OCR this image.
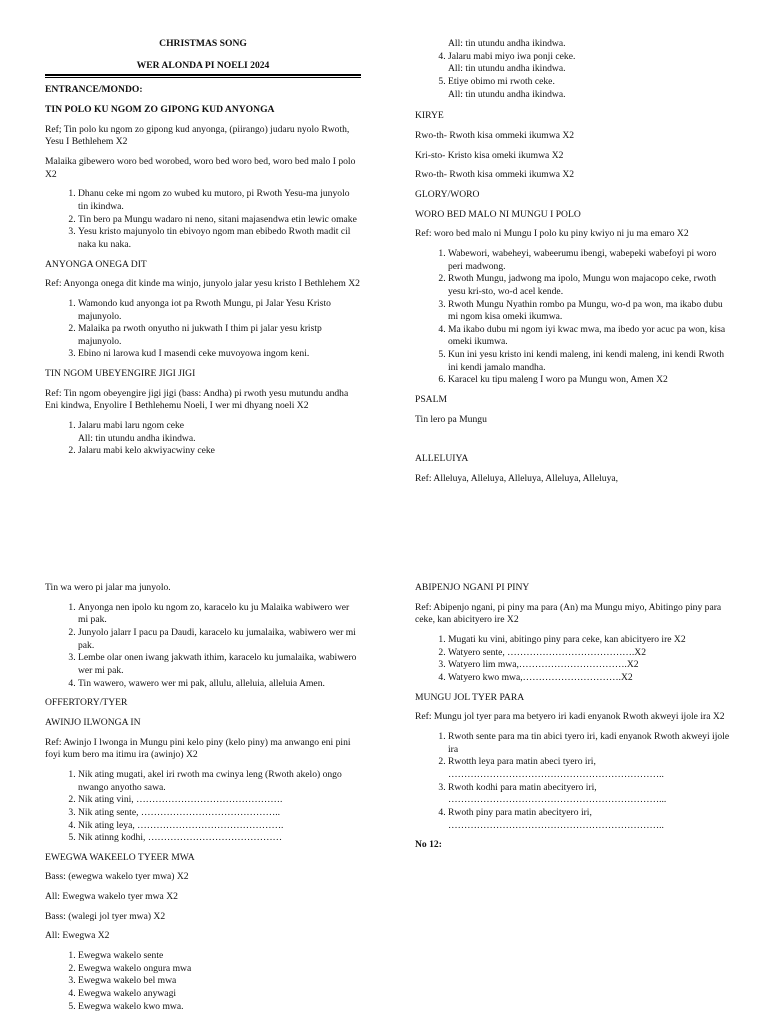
CHRISTMAS SONG

WER ALONDA PI NOELI 2024

ENTRANCE/MONDO:

TIN POLO KU NGOM ZO GIPONG KUD ANYONGA

Ref; Tin polo ku ngom zo gipong kud anyonga, (piirango) judaru nyolo Rwoth, Yesu I Bethlehem X2

Malaika gibewero woro bed worobed, woro bed woro bed, woro bed malo I polo X2

1. Dhanu ceke mi ngom zo wubed ku mutoro, pi Rwoth Yesu-ma junyolo tin ikindwa.
2. Tin bero pa Mungu wadaro ni neno, sitani majasendwa etin lewic omake
3. Yesu kristo majunyolo tin ebivoyo ngom man ebibedo Rwoth madit cil naka ku naka.

ANYONGA ONEGA DIT

Ref: Anyonga onega dit kinde ma winjo, junyolo jalar yesu kristo I Bethlehem X2

1. Wamondo kud anyonga iot pa Rwoth Mungu, pi Jalar Yesu Kristo majunyolo.
2. Malaika pa rwoth onyutho ni jukwath I thim pi jalar yesu kristp majunyolo.
3. Ebino ni larowa kud I masendi ceke muvoyowa ingom keni.

TIN NGOM UBEYENGIRE JIGI JIGI

Ref: Tin ngom obeyengire jigi jigi (bass: Andha) pi rwoth yesu mutundu andha Eni kindwa, Enyolire I Bethlehemu Noeli, I wer mi dhyang noeli X2

1. Jalaru mabi laru ngom ceke
All: tin utundu andha ikindwa.
2. Jalaru mabi kelo akwiyacwiny ceke
All: tin utundu andha ikindwa.
4. Jalaru mabi miyo iwa ponji ceke.
All: tin utundu andha ikindwa.
5. Etiye obimo mi rwoth ceke.
All: tin utundu andha ikindwa.

KIRYE

Rwo-th- Rwoth kisa ommeki ikumwa X2

Kri-sto- Kristo kisa omeki ikumwa X2

Rwo-th- Rwoth kisa ommeki ikumwa X2

GLORY/WORO

WORO BED MALO NI MUNGU I POLO

Ref: woro bed malo ni Mungu I polo ku piny kwiyo ni ju ma emaro X2

1. Wabewori, wabeheyi, wabeerumu ibengi, wabepeki wabefoyi pi woro peri madwong.
2. Rwoth Mungu, jadwong ma ipolo, Mungu won majacopo ceke, rwoth yesu kri-sto, wo-d acel kende.
3. Rwoth Mungu Nyathin rombo pa Mungu, wo-d pa won, ma ikabo dubu mi ngom kisa omeki ikumwa.
4. Ma ikabo dubu mi ngom iyi kwac mwa, ma ibedo yor acuc pa won, kisa omeki ikumwa.
5. Kun ini yesu kristo ini kendi maleng, ini kendi maleng, ini kendi Rwoth ini kendi jamalo mandha.
6. Karacel ku tipu maleng I woro pa Mungu won, Amen X2

PSALM

Tin lero pa Mungu

ALLELUIYA

Ref: Alleluya, Alleluya, Alleluya, Alleluya, Alleluya,

Tin wa wero pi jalar ma junyolo.

1. Anyonga nen ipolo ku ngom zo, karacelo ku ju Malaika wabiwero wer mi pak.
2. Junyolo jalarr I pacu pa Daudi, karacelo ku jumalaika, wabiwero wer mi pak.
3. Lembe olar onen iwang jakwath ithim, karacelo ku jumalaika, wabiwero wer mi pak.
4. Tin wawero, wawero wer mi pak, allulu, alleluia, alleluia Amen.

OFFERTORY/TYER

AWINJO ILWONGA IN

Ref: Awinjo I lwonga in Mungu pini kelo piny (kelo piny) ma anwango eni pini foyi kum bero ma itimu ira (awinjo) X2

1. Nik ating mugati, akel iri rwoth ma cwinya leng (Rwoth akelo) ongo nwango anyotho sawa.
2. Nik ating vini, ……………………………………….
3. Nik ating sente, ……………………………………..
4. Nik ating leya, ……………………………………….
5. Nik atinng kodhi, ……………………………………

EWEGWA WAKEELO TYEER MWA

Bass: (ewegwa wakelo tyer mwa) X2

All: Ewegwa wakelo tyer mwa X2

Bass: (walegi jol tyer mwa) X2

All: Ewegwa X2

1. Ewegwa wakelo sente
2. Ewegwa wakelo ongura mwa
3. Ewegwa wakelo bel mwa
4. Ewegwa wakelo anywagi
5. Ewegwa wakelo kwo mwa.

ABIPENJO NGANI PI PINY

Ref: Abipenjo ngani, pi piny ma para (An) ma Mungu miyo, Abitingo piny para ceke, kan abicityero ire X2

1. Mugati ku vini, abitingo piny para ceke, kan abicityero ire X2
2. Watyero sente, ………………………………….X2
3. Watyero lim mwa,…………………………….X2
4. Watyero kwo mwa,………………………….X2

MUNGU JOL TYER PARA

Ref: Mungu jol tyer para ma betyero iri kadi enyanok Rwoth akweyi ijole ira X2

1. Rwoth sente para ma tin abici tyero iri, kadi enyanok Rwoth akweyi ijole ira
2. Rwotth leya para matin abeci tyero iri,
…………………………………………………………..
3. Rwoth kodhi para matin abecityero iri,
…………………………………………………………...
4. Rwoth piny para matin abecityero iri,
…………………………………………………………..

No 12:
